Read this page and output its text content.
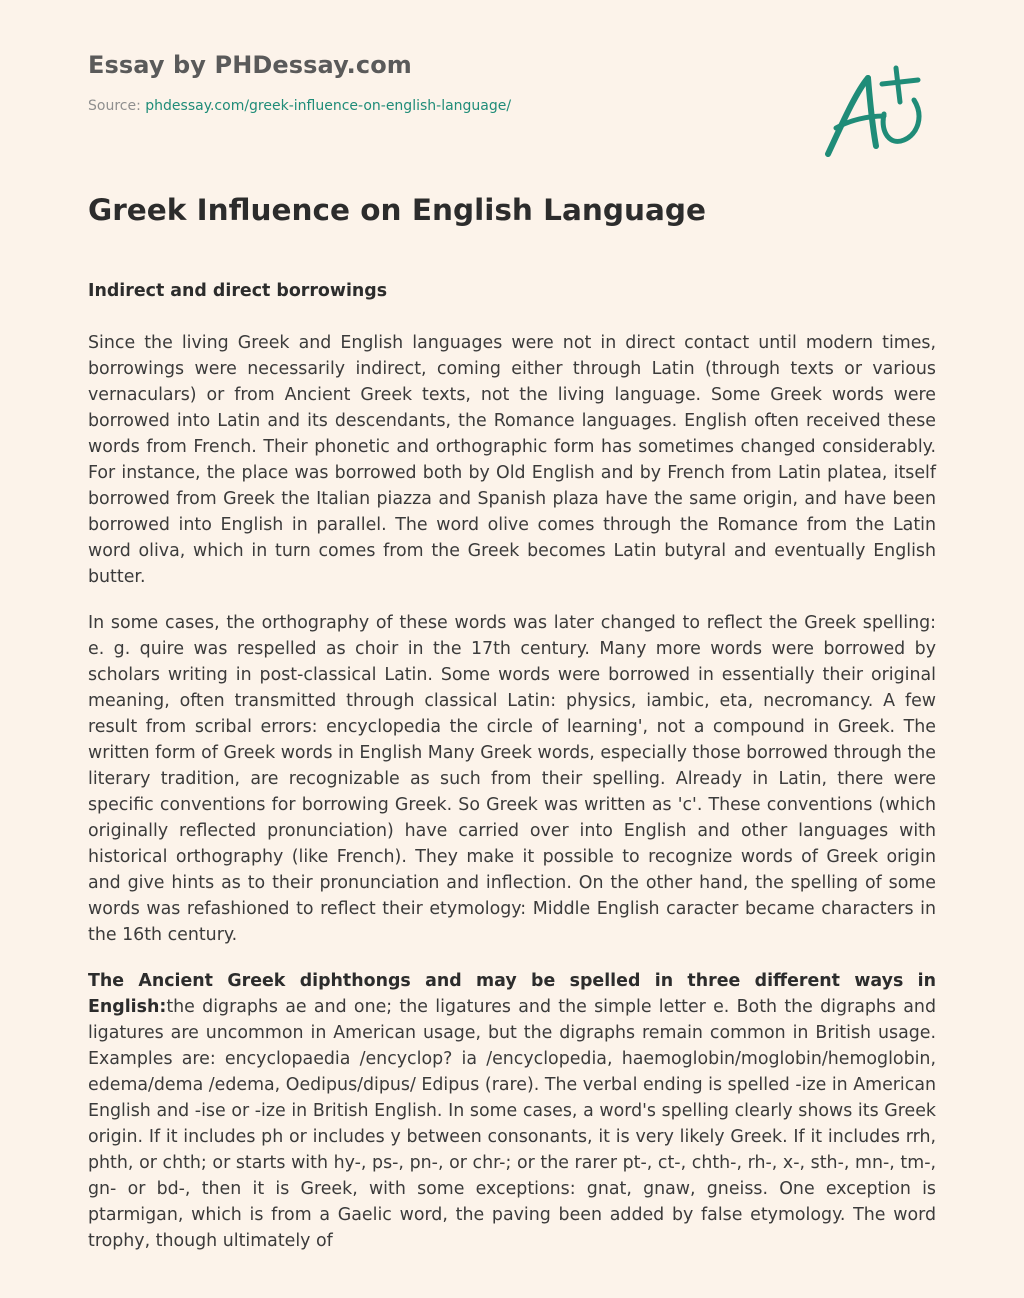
Essay by PHDessay.com
Source: phdessay.com/greek-influence-on-english-language/
Greek Influence on English Language
Indirect and direct borrowings

Since the living Greek and English languages were not in direct contact until modern times, borrowings were necessarily indirect, coming either through Latin (through texts or various vernaculars) or from Ancient Greek texts, not the living language. Some Greek words were borrowed into Latin and its descendants, the Romance languages. English often received these words from French. Their phonetic and orthographic form has sometimes changed considerably. For instance, the place was borrowed both by Old English and by French from Latin platea, itself borrowed from Greek the Italian piazza and Spanish plaza have the same origin, and have been borrowed into English in parallel. The word olive comes through the Romance from the Latin word oliva, which in turn comes from the Greek becomes Latin butyral and eventually English butter.

In some cases, the orthography of these words was later changed to reflect the Greek spelling: e. g. quire was respelled as choir in the 17th century. Many more words were borrowed by scholars writing in post-classical Latin. Some words were borrowed in essentially their original meaning, often transmitted through classical Latin: physics, iambic, eta, necromancy. A few result from scribal errors: encyclopedia the circle of learning', not a compound in Greek. The written form of Greek words in English Many Greek words, especially those borrowed through the literary tradition, are recognizable as such from their spelling. Already in Latin, there were specific conventions for borrowing Greek. So Greek was written as 'c'. These conventions (which originally reflected pronunciation) have carried over into English and other languages with historical orthography (like French). They make it possible to recognize words of Greek origin and give hints as to their pronunciation and inflection. On the other hand, the spelling of some words was refashioned to reflect their etymology: Middle English caracter became characters in the 16th century.

The Ancient Greek diphthongs and may be spelled in three different ways in English:the digraphs ae and one; the ligatures and the simple letter e. Both the digraphs and ligatures are uncommon in American usage, but the digraphs remain common in British usage. Examples are: encyclopaedia /encyclop? ia /encyclopedia, haemoglobin/moglobin/hemoglobin, edema/dema /edema, Oedipus/dipus/ Edipus (rare). The verbal ending is spelled -ize in American English and -ise or -ize in British English. In some cases, a word's spelling clearly shows its Greek origin. If it includes ph or includes y between consonants, it is very likely Greek. If it includes rrh, phth, or chth; or starts with hy-, ps-, pn-, or chr-; or the rarer pt-, ct-, chth-, rh-, x-, sth-, mn-, tm-, gn- or bd-, then it is Greek, with some exceptions: gnat, gnaw, gneiss. One exception is ptarmigan, which is from a Gaelic word, the paving been added by false etymology. The word trophy, though ultimately of
